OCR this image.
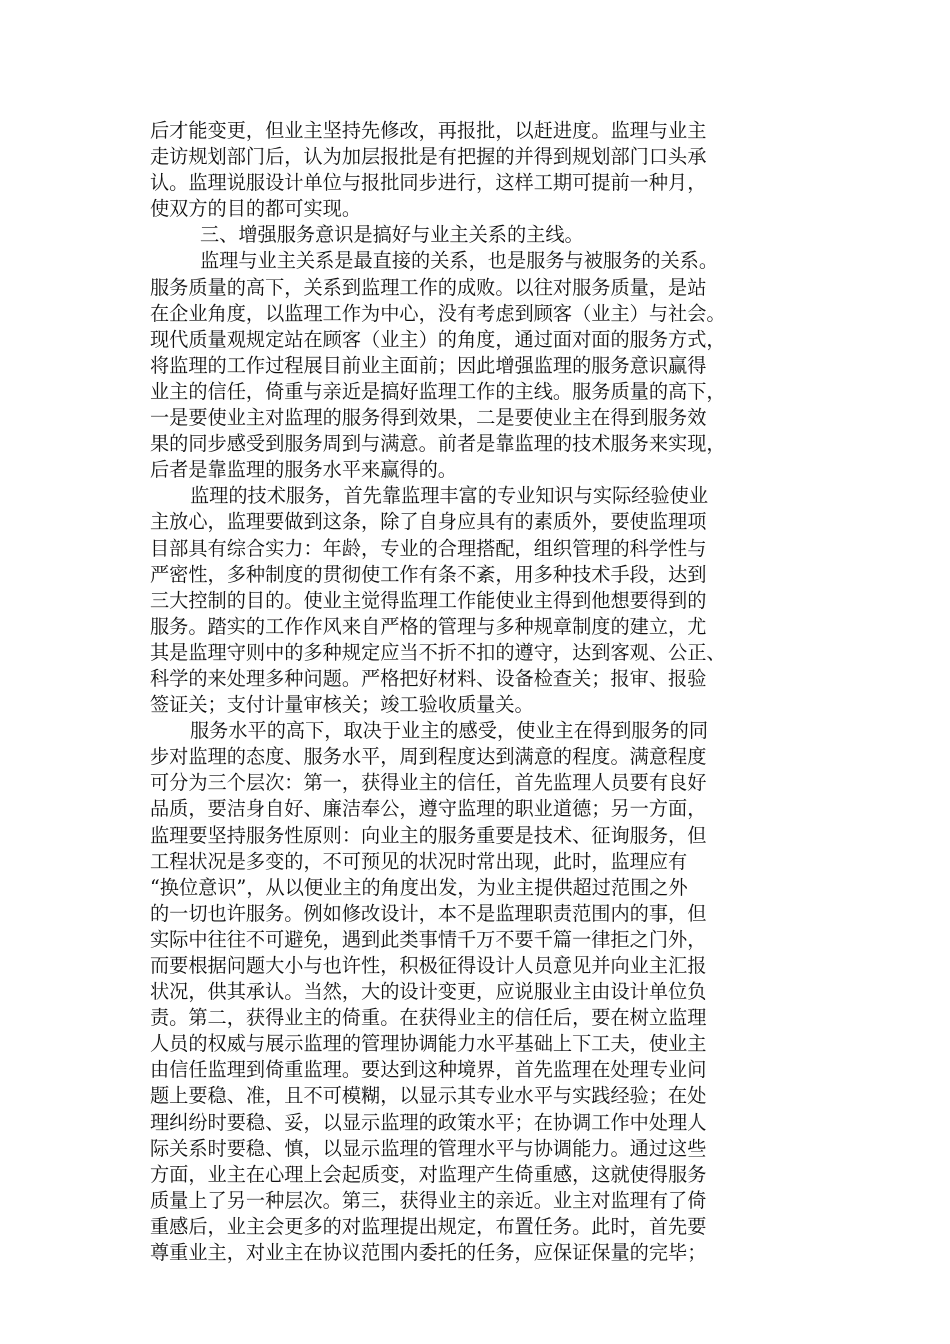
后才能变更，但业主坚持先修改，再报批，以赶进度。监理与业主
走访规划部门后，认为加层报批是有把握的并得到规划部门口头承
认。监理说服设计单位与报批同步进行，这样工期可提前一种月，
使双方的目的都可实现。
三、增强服务意识是搞好与业主关系的主线。
监理与业主关系是最直接的关系，也是服务与被服务的关系。
服务质量的高下，关系到监理工作的成败。以往对服务质量，是站
在企业角度，以监理工作为中心，没有考虑到顾客（业主）与社会。
现代质量观规定站在顾客（业主）的角度，通过面对面的服务方式，
将监理的工作过程展目前业主面前；因此增强监理的服务意识赢得
业主的信任，倚重与亲近是搞好监理工作的主线。服务质量的高下，
一是要使业主对监理的服务得到效果，二是要使业主在得到服务效
果的同步感受到服务周到与满意。前者是靠监理的技术服务来实现，
后者是靠监理的服务水平来赢得的。
监理的技术服务，首先靠监理丰富的专业知识与实际经验使业
主放心，监理要做到这条，除了自身应具有的素质外，要使监理项
目部具有综合实力：年龄，专业的合理搭配，组织管理的科学性与
严密性，多种制度的贯彻使工作有条不紊，用多种技术手段，达到
三大控制的目的。使业主觉得监理工作能使业主得到他想要得到的
服务。踏实的工作作风来自严格的管理与多种规章制度的建立，尤
其是监理守则中的多种规定应当不折不扣的遵守，达到客观、公正、
科学的来处理多种问题。严格把好材料、设备检查关；报审、报验
签证关；支付计量审核关；竣工验收质量关。
服务水平的高下，取决于业主的感受，使业主在得到服务的同
步对监理的态度、服务水平，周到程度达到满意的程度。满意程度
可分为三个层次：第一，获得业主的信任，首先监理人员要有良好
品质，要洁身自好、廉洁奉公，遵守监理的职业道德；另一方面，
监理要坚持服务性原则：向业主的服务重要是技术、征询服务，但
工程状况是多变的，不可预见的状况时常出现，此时，监理应有
“换位意识”，从以便业主的角度出发，为业主提供超过范围之外
的一切也许服务。例如修改设计，本不是监理职责范围内的事，但
实际中往往不可避免，遇到此类事情千万不要千篇一律拒之门外，
而要根据问题大小与也许性，积极征得设计人员意见并向业主汇报
状况，供其承认。当然，大的设计变更，应说服业主由设计单位负
责。第二，获得业主的倚重。在获得业主的信任后，要在树立监理
人员的权威与展示监理的管理协调能力水平基础上下工夫，使业主
由信任监理到倚重监理。要达到这种境界，首先监理在处理专业问
题上要稳、准，且不可模糊，以显示其专业水平与实践经验；在处
理纠纷时要稳、妥，以显示监理的政策水平；在协调工作中处理人
际关系时要稳、慎，以显示监理的管理水平与协调能力。通过这些
方面，业主在心理上会起质变，对监理产生倚重感，这就使得服务
质量上了另一种层次。第三，获得业主的亲近。业主对监理有了倚
重感后，业主会更多的对监理提出规定，布置任务。此时，首先要
尊重业主，对业主在协议范围内委托的任务，应保证保量的完毕；
